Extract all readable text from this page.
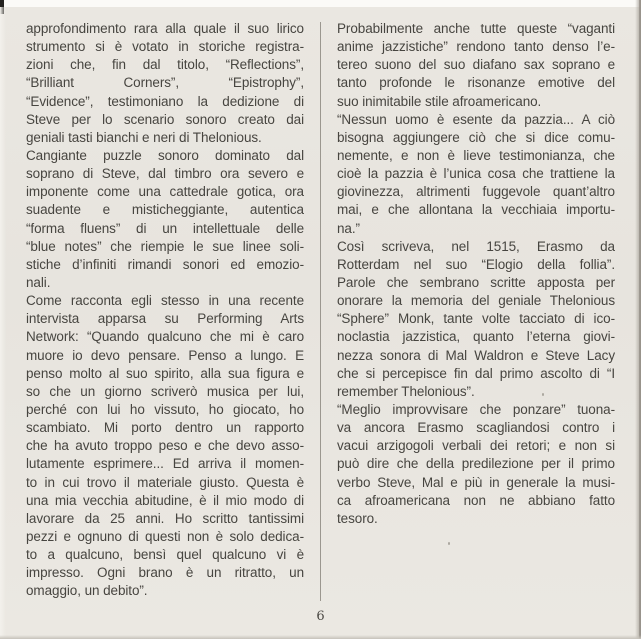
approfondimento rara alla quale il suo lirico
strumento si è votato in storiche registra-
zioni che, fin dal titolo, “Reflections”,
“Brilliant Corners”, “Epistrophy”,
“Evidence”, testimoniano la dedizione di
Steve per lo scenario sonoro creato dai
geniali tasti bianchi e neri di Thelonious.
Cangiante puzzle sonoro dominato dal
soprano di Steve, dal timbro ora severo e
imponente come una cattedrale gotica, ora
suadente e misticheggiante, autentica
“forma fluens” di un intellettuale delle
“blue notes” che riempie le sue linee soli-
stiche d’infiniti rimandi sonori ed emozio-
nali.
Come racconta egli stesso in una recente
intervista apparsa su Performing Arts
Network: “Quando qualcuno che mi è caro
muore io devo pensare. Penso a lungo. E
penso molto al suo spirito, alla sua figura e
so che un giorno scriverò musica per lui,
perché con lui ho vissuto, ho giocato, ho
scambiato. Mi porto dentro un rapporto
che ha avuto troppo peso e che devo asso-
lutamente esprimere... Ed arriva il momen-
to in cui trovo il materiale giusto. Questa è
una mia vecchia abitudine, è il mio modo di
lavorare da 25 anni. Ho scritto tantissimi
pezzi e ognuno di questi non è solo dedica-
to a qualcuno, bensì quel qualcuno vi è
impresso. Ogni brano è un ritratto, un
omaggio, un debito”.
Probabilmente anche tutte queste “vaganti
anime jazzistiche” rendono tanto denso l’e-
tereo suono del suo diafano sax soprano e
tanto profonde le risonanze emotive del
suo inimitabile stile afroamericano.
“Nessun uomo è esente da pazzia... A ciò
bisogna aggiungere ciò che si dice comu-
nemente, e non è lieve testimonianza, che
cioè la pazzia è l’unica cosa che trattiene la
giovinezza, altrimenti fuggevole quant’altro
mai, e che allontana la vecchiaia importu-
na.”
Così scriveva, nel 1515, Erasmo da
Rotterdam nel suo “Elogio della follia”.
Parole che sembrano scritte apposta per
onorare la memoria del geniale Thelonious
“Sphere” Monk, tante volte tacciato di ico-
noclastia jazzistica, quanto l’eterna giovi-
nezza sonora di Mal Waldron e Steve Lacy
che si percepisce fin dal primo ascolto di “I
remember Thelonious”.
“Meglio improvvisare che ponzare” tuona-
va ancora Erasmo scagliandosi contro i
vacui arzigogoli verbali dei retori; e non si
può dire che della predilezione per il primo
verbo Steve, Mal e più in generale la musi-
ca afroamericana non ne abbiano fatto
tesoro.
6
